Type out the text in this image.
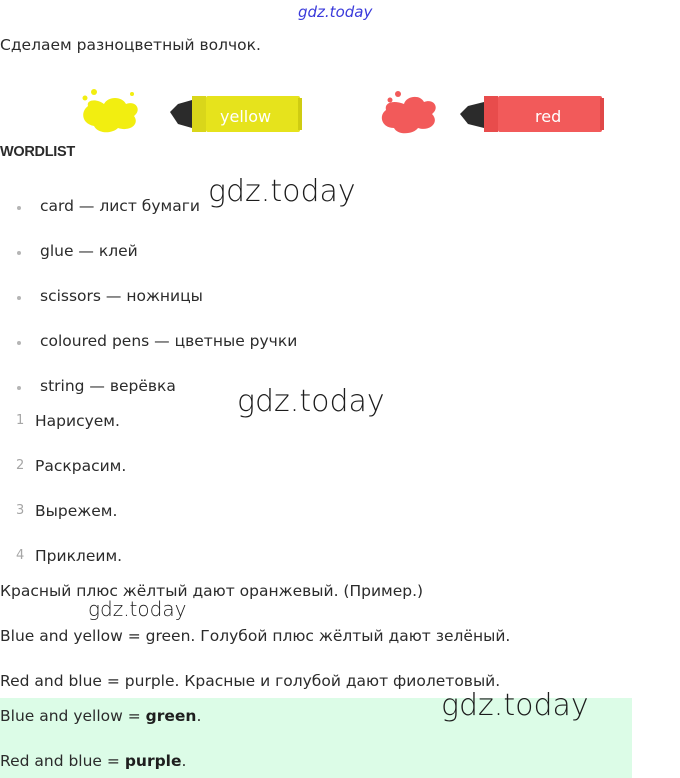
gdz.today
Сделаем разноцветный волчок.
yellow	red
WORDLIST
card — лист бумаги
glue — клей
scissors — ножницы
coloured pens — цветные ручки
string — верёвка
1 Нарисуем.
2 Раскрасим.
3 Вырежем.
4 Приклеим.
Красный плюс жёлтый дают оранжевый. (Пример.)
Blue and yellow = green. Голубой плюс жёлтый дают зелёный.
Red and blue = purple. Красные и голубой дают фиолетовый.
Blue and yellow = green.
Red and blue = purple.
gdz.today
gdz.today
gdz.today
gdz.today
